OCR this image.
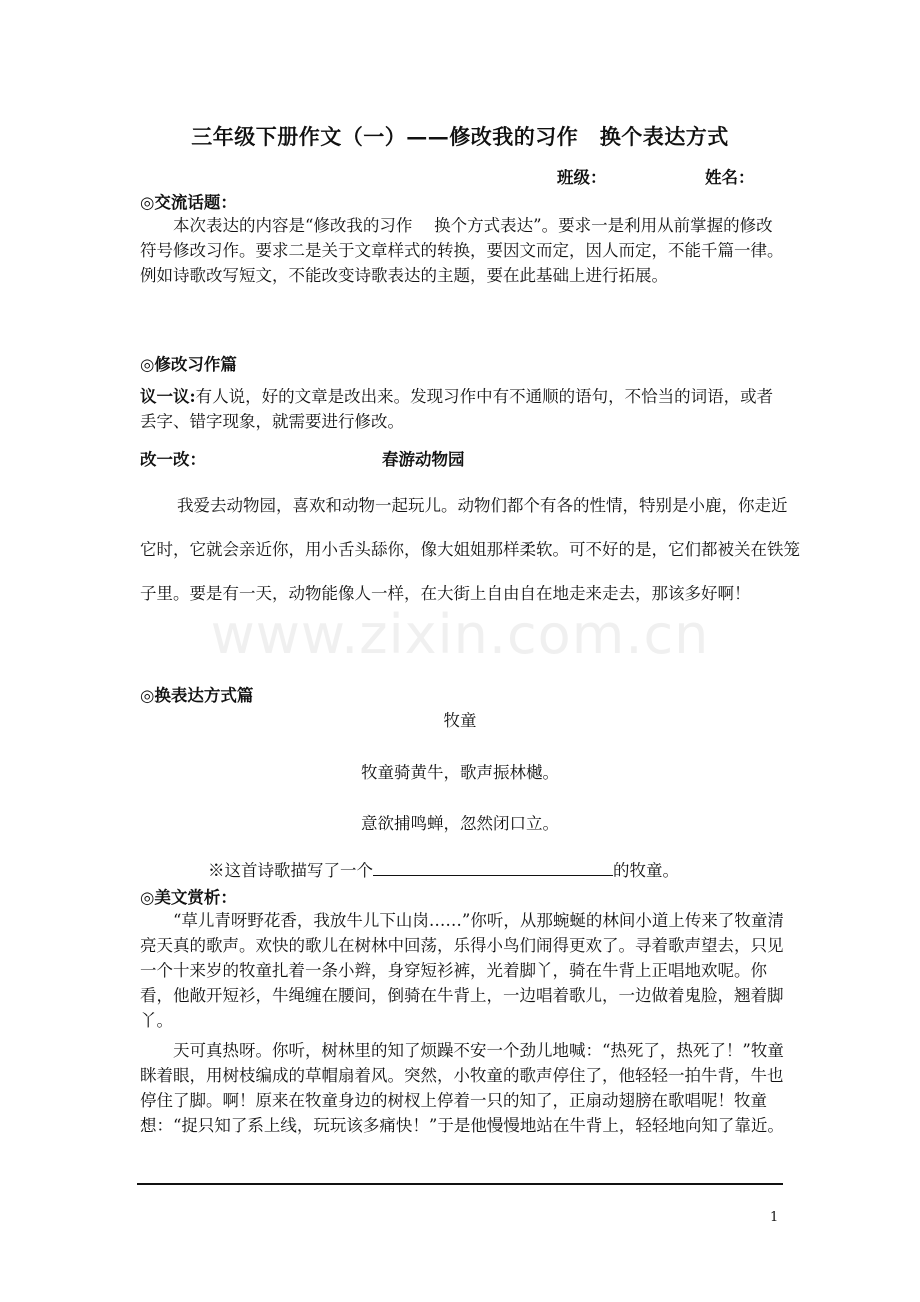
三年级下册作文（一）——修改我的习作　换个表达方式
班级：	姓名：
◎交流话题：
本次表达的内容是“修改我的习作　 换个方式表达”。要求一是利用从前掌握的修改符号修改习作。要求二是关于文章样式的转换，要因文而定，因人而定，不能千篇一律。例如诗歌改写短文，不能改变诗歌表达的主题，要在此基础上进行拓展。
◎修改习作篇
议一议:有人说，好的文章是改出来。发现习作中有不通顺的语句，不恰当的词语，或者丢字、错字现象，就需要进行修改。
改一改：	春游动物园
我爱去动物园，喜欢和动物一起玩儿。动物们都个有各的性情，特别是小鹿，你走近它时，它就会亲近你，用小舌头舔你，像大姐姐那样柔软。可不好的是，它们都被关在铁笼子里。要是有一天，动物能像人一样，在大街上自由自在地走来走去，那该多好啊！
www.zixin.com.cn
◎换表达方式篇
牧童
牧童骑黄牛，歌声振林樾。
意欲捕鸣蝉，忽然闭口立。
※这首诗歌描写了一个	的牧童。
◎美文赏析：
“草儿青呀野花香，我放牛儿下山岗……”你听，从那蜿蜒的林间小道上传来了牧童清亮天真的歌声。欢快的歌儿在树林中回荡，乐得小鸟们闹得更欢了。寻着歌声望去，只见一个十来岁的牧童扎着一条小辫，身穿短衫裤，光着脚丫，骑在牛背上正唱地欢呢。你看，他敞开短衫，牛绳缠在腰间，倒骑在牛背上，一边唱着歌儿，一边做着鬼脸，翘着脚丫。
天可真热呀。你听，树林里的知了烦躁不安一个劲儿地喊：“热死了，热死了！”牧童眯着眼，用树枝编成的草帽扇着风。突然，小牧童的歌声停住了，他轻轻一拍牛背，牛也停住了脚。啊！原来在牧童身边的树杈上停着一只的知了，正扇动翅膀在歌唱呢！牧童想：“捉只知了系上线，玩玩该多痛快！”于是他慢慢地站在牛背上，轻轻地向知了靠近。
1
